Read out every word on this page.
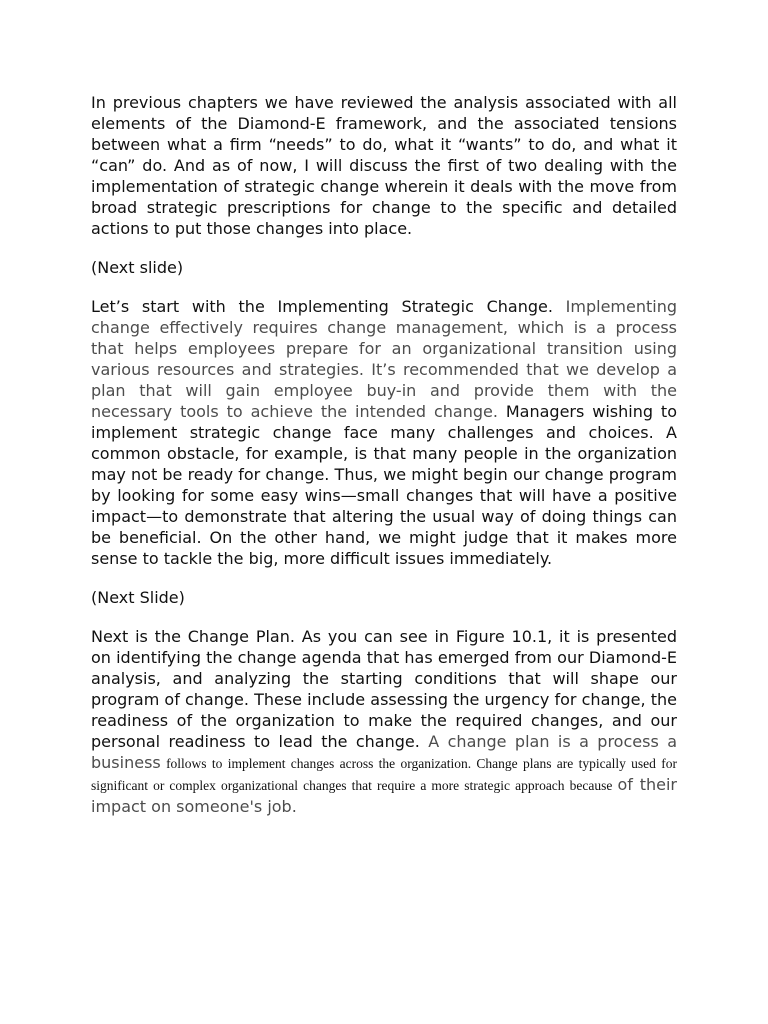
In previous chapters we have reviewed the analysis associated with all elements of the Diamond-E framework, and the associated tensions between what a firm “needs” to do, what it “wants” to do, and what it “can” do. And as of now, I will discuss the first of two dealing with the implementation of strategic change wherein it deals with the move from broad strategic prescriptions for change to the specific and detailed actions to put those changes into place.

(Next slide)

Let’s start with the Implementing Strategic Change. Implementing change effectively requires change management, which is a process that helps employees prepare for an organizational transition using various resources and strategies. It’s recommended that we develop a plan that will gain employee buy-in and provide them with the necessary tools to achieve the intended change. Managers wishing to implement strategic change face many challenges and choices. A common obstacle, for example, is that many people in the organization may not be ready for change. Thus, we might begin our change program by looking for some easy wins—small changes that will have a positive impact—to demonstrate that altering the usual way of doing things can be beneficial. On the other hand, we might judge that it makes more sense to tackle the big, more difficult issues immediately.

(Next Slide)

Next is the Change Plan. As you can see in Figure 10.1, it is presented on identifying the change agenda that has emerged from our Diamond-E analysis, and analyzing the starting conditions that will shape our program of change. These include assessing the urgency for change, the readiness of the organization to make the required changes, and our personal readiness to lead the change. A change plan is a process a business follows to implement changes across the organization. Change plans are typically used for significant or complex organizational changes that require a more strategic approach because of their impact on someone's job.
